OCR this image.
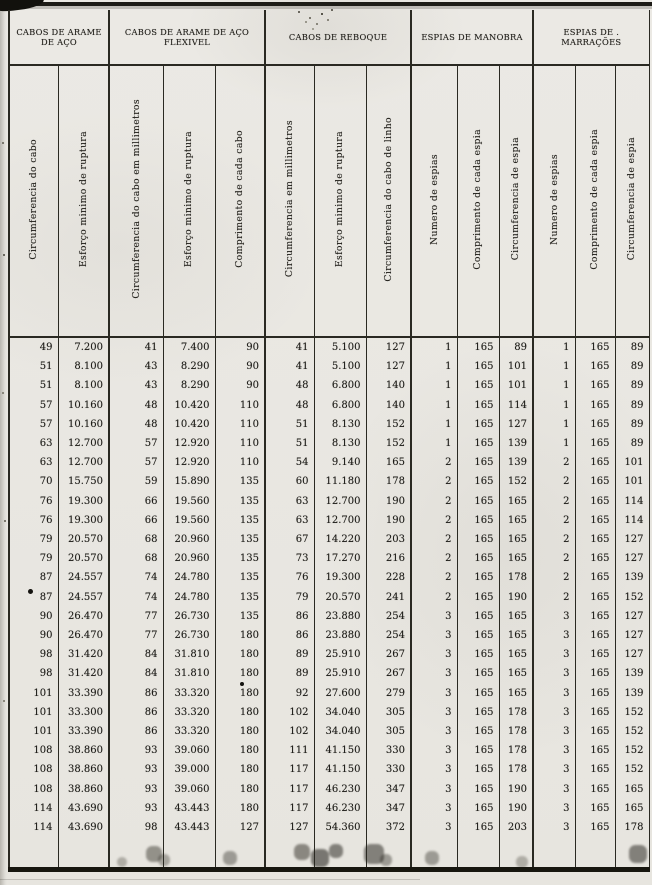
CABOS DE ARAME DE AÇO		CABOS DE ARAME DE AÇO FLEXIVEL			CABOS DE REBOQUE			ESPIAS DE MANOBRA			ESPIAS DE . MARRAÇÕES		
Circumferencia do cabo	Esforço minimo de ruptura	Circumferencia do cabo em millimetros	Esforço minimo de ruptura	Comprimento de cada cabo	Circumferencia em millimetros	Esforço minimo de ruptura	Circumferencia do cabo de linho	Numero de espias	Comprimento de cada espia	Circumferencia de espia	Numero de espias	Comprimento de cada espia	Circumferencia de espia
49	7.200	41	7.400	90	41	5.100	127	1	165	89	1	165	89
51	8.100	43	8.290	90	41	5.100	127	1	165	101	1	165	89
51	8.100	43	8.290	90	48	6.800	140	1	165	101	1	165	89
57	10.160	48	10.420	110	48	6.800	140	1	165	114	1	165	89
57	10.160	48	10.420	110	51	8.130	152	1	165	127	1	165	89
63	12.700	57	12.920	110	51	8.130	152	1	165	139	1	165	89
63	12.700	57	12.920	110	54	9.140	165	2	165	139	2	165	101
70	15.750	59	15.890	135	60	11.180	178	2	165	152	2	165	101
76	19.300	66	19.560	135	63	12.700	190	2	165	165	2	165	114
76	19.300	66	19.560	135	63	12.700	190	2	165	165	2	165	114
79	20.570	68	20.960	135	67	14.220	203	2	165	165	2	165	127
79	20.570	68	20.960	135	73	17.270	216	2	165	165	2	165	127
87	24.557	74	24.780	135	76	19.300	228	2	165	178	2	165	139
87	24.557	74	24.780	135	79	20.570	241	2	165	190	2	165	152
90	26.470	77	26.730	135	86	23.880	254	3	165	165	3	165	127
90	26.470	77	26.730	180	86	23.880	254	3	165	165	3	165	127
98	31.420	84	31.810	180	89	25.910	267	3	165	165	3	165	127
98	31.420	84	31.810	180	89	25.910	267	3	165	165	3	165	139
101	33.390	86	33.320	180	92	27.600	279	3	165	165	3	165	139
101	33.300	86	33.320	180	102	34.040	305	3	165	178	3	165	152
101	33.390	86	33.320	180	102	34.040	305	3	165	178	3	165	152
108	38.860	93	39.060	180	111	41.150	330	3	165	178	3	165	152
108	38.860	93	39.000	180	117	41.150	330	3	165	178	3	165	152
108	38.860	93	39.060	180	117	46.230	347	3	165	190	3	165	165
114	43.690	93	43.443	180	117	46.230	347	3	165	190	3	165	165
114	43.690	98	43.443	127	127	54.360	372	3	165	203	3	165	178
